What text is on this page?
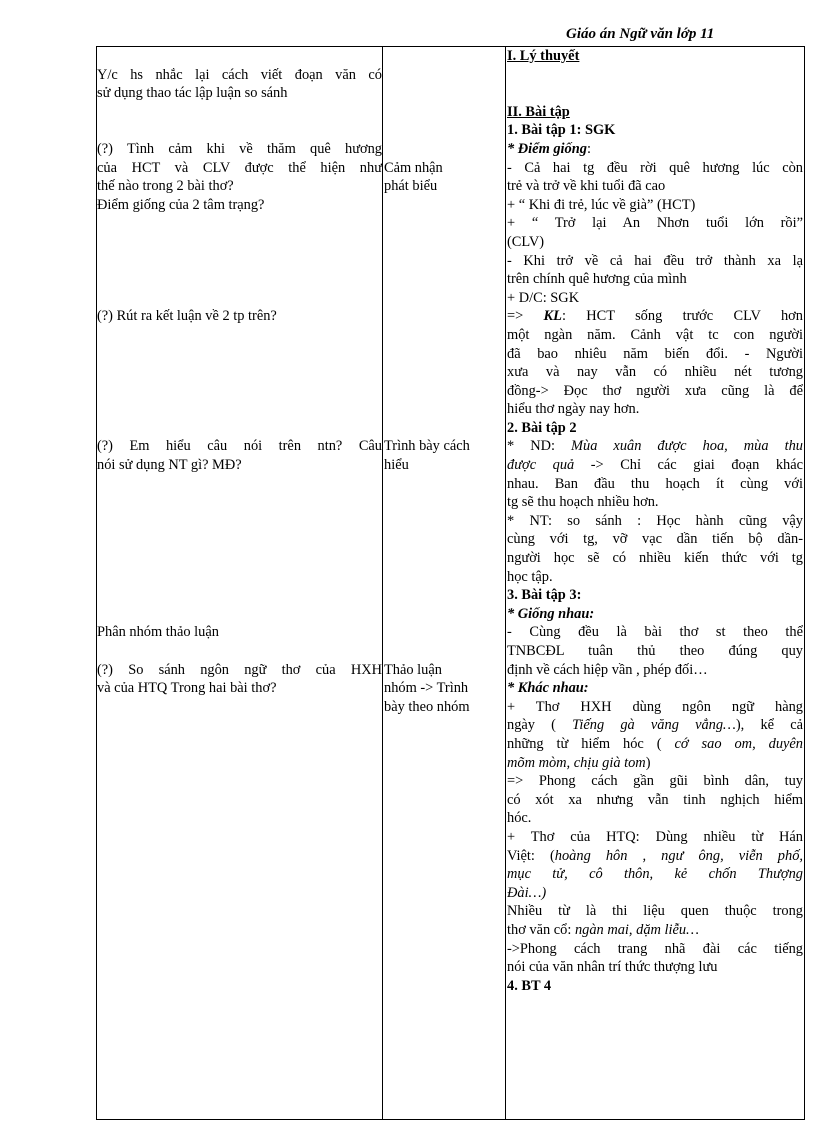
Giáo án Ngữ văn lớp 11
Y/c hs nhắc lại cách viết đoạn văn có
sử dụng thao tác lập luận so sánh
(?) Tình cảm khi về thăm quê hương
của HCT và CLV được thể hiện như
thế nào trong 2 bài thơ?
Điểm giống của 2 tâm trạng?
(?) Rút ra kết luận về 2 tp trên?
(?) Em hiểu câu nói trên ntn? Câu
nói sử dụng NT gì? MĐ?
Phân nhóm thảo luận
(?) So sánh ngôn ngữ thơ của HXH
và của HTQ Trong hai bài thơ?
Cảm nhận
phát biểu
Trình bày cách
hiểu
Thảo luận
nhóm -> Trình
bày theo nhóm
I. Lý thuyết
II. Bài tập
1. Bài tập 1: SGK
* Điểm giống:
- Cả hai tg đều rời quê hương lúc còn
trẻ và trở về khi tuổi đã cao
+ “ Khi đi trẻ, lúc về già” (HCT)
+ “ Trở lại An Nhơn tuổi lớn rồi”
(CLV)
- Khi trở về cả hai đều trở thành xa lạ
trên chính quê hương của mình
+ D/C: SGK
=> KL: HCT sống trước CLV hơn
một ngàn năm. Cảnh vật tc con người
đã bao nhiêu năm biến đổi. - Người
xưa và nay vẫn có nhiều nét tương
đồng-> Đọc thơ người xưa cũng là để
hiểu thơ ngày nay hơn.
2. Bài tập 2
* ND: Mùa xuân được hoa, mùa thu
được quả -> Chỉ các giai đoạn khác
nhau. Ban đầu thu hoạch ít cùng với
tg sẽ thu hoạch nhiều hơn.
* NT: so sánh : Học hành cũng vậy
cùng với tg, vỡ vạc dần tiến bộ dần-
người học sẽ có nhiều kiến thức với tg
học tập.
3. Bài tập 3:
* Giống nhau:
- Cùng đều là bài thơ st theo thể
TNBCĐL tuân thủ theo đúng quy
định về cách hiệp vần , phép đối…
* Khác nhau:
+ Thơ HXH dùng ngôn ngữ hàng
ngày ( Tiếng gà văng vẳng…), kể cả
những từ hiểm hóc ( cớ sao om, duyên
mõm mòm, chịu già tom)
=> Phong cách gần gũi bình dân, tuy
có xót xa nhưng vẫn tinh nghịch hiểm
hóc.
+ Thơ của HTQ: Dùng nhiều từ Hán
Việt: (hoàng hôn , ngư ông, viễn phố,
mục tử, cô thôn, kẻ chốn Thượng
Đài…)
Nhiều từ là thi liệu quen thuộc trong
thơ văn cổ: ngàn mai, dặm liễu…
->Phong cách trang nhã đài các tiếng
nói của văn nhân trí thức thượng lưu
4. BT 4
